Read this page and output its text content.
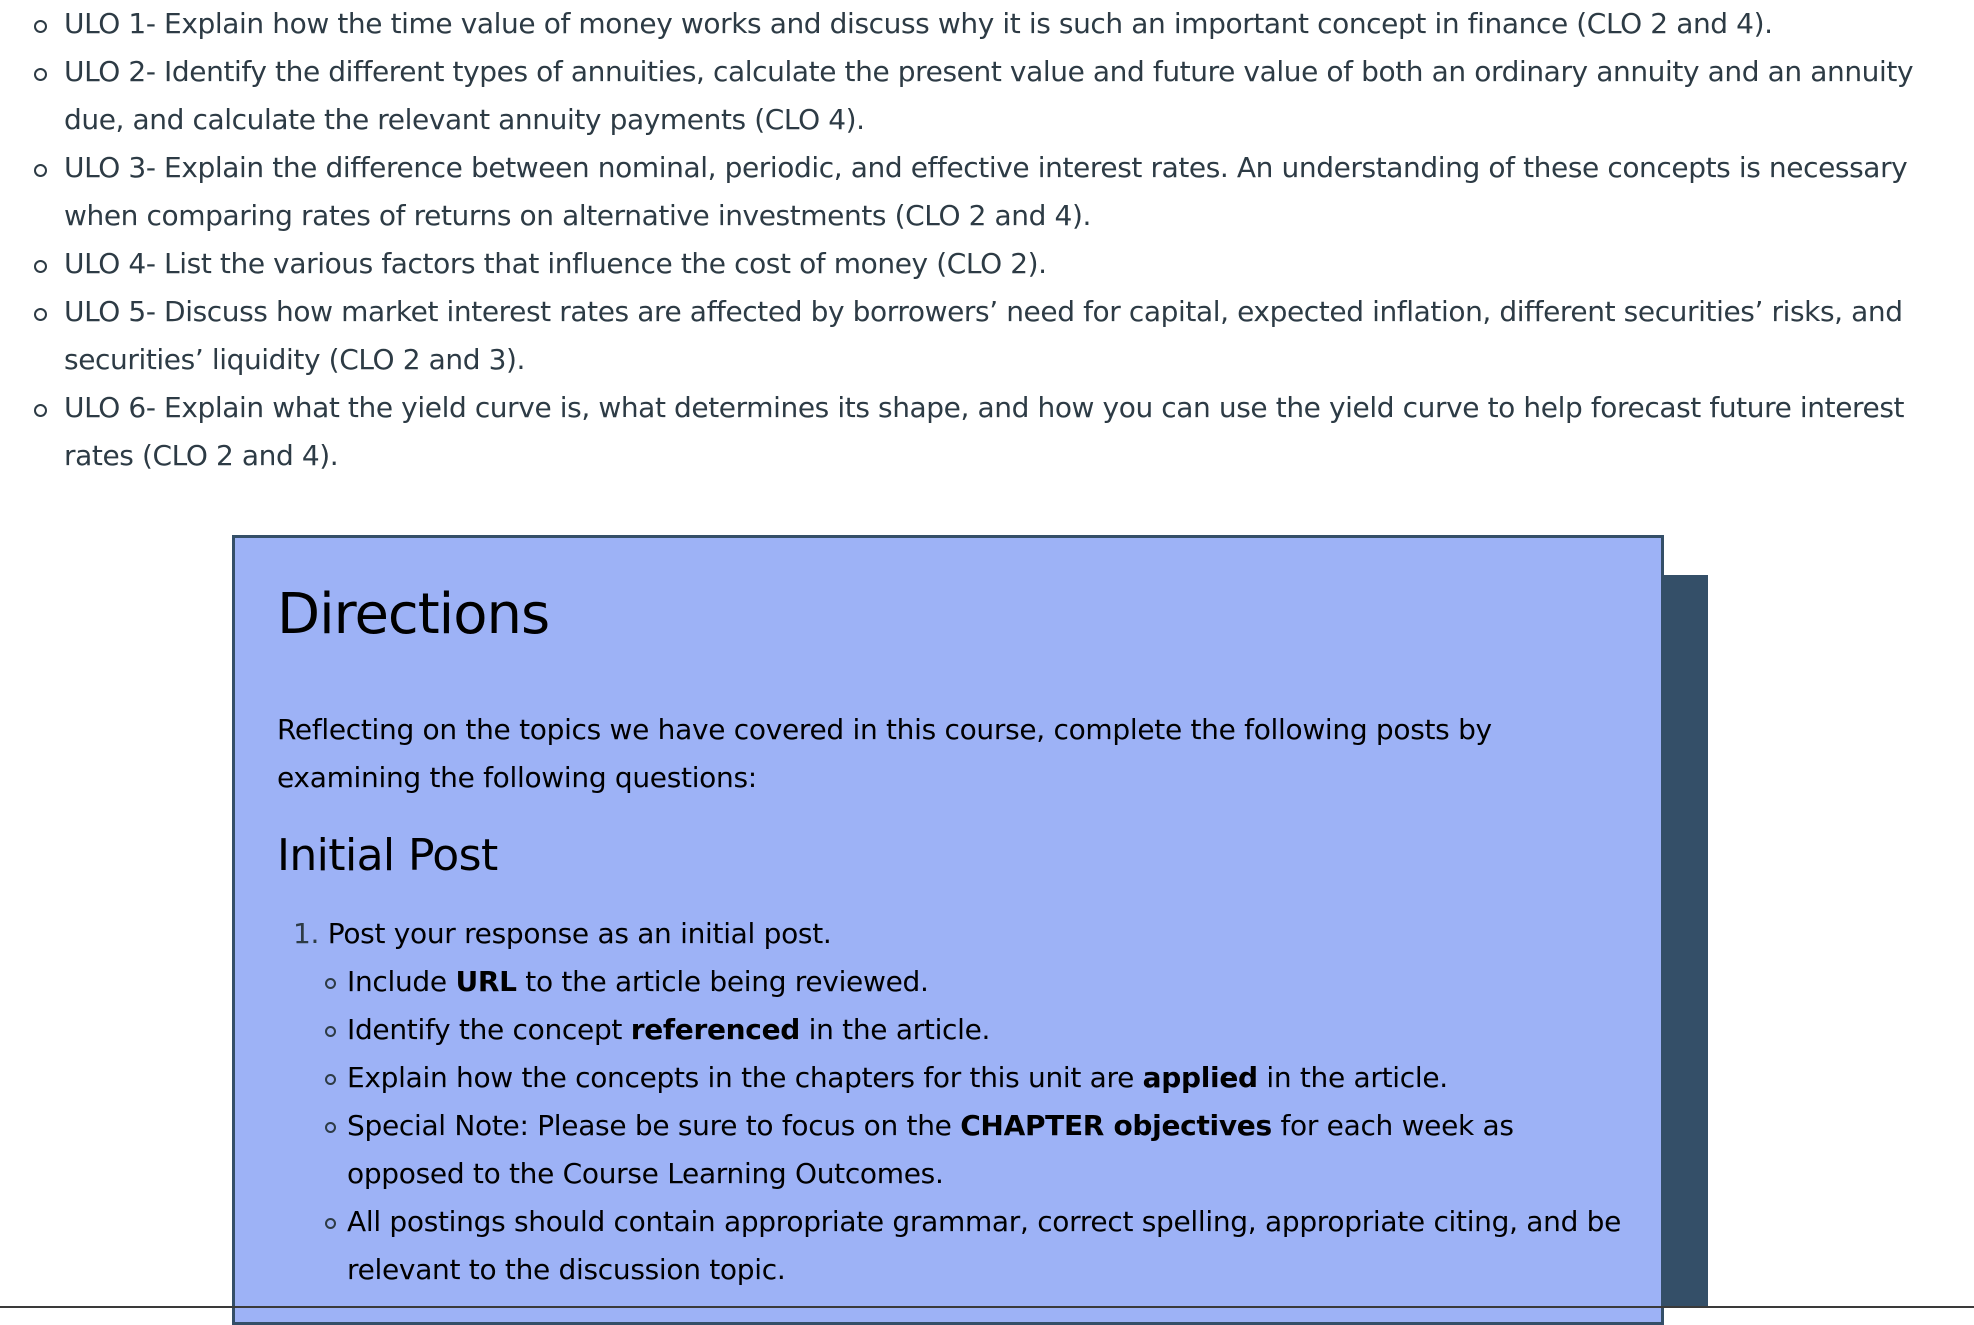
ULO 1- Explain how the time value of money works and discuss why it is such an important concept in finance (CLO 2 and 4).
ULO 2- Identify the different types of annuities, calculate the present value and future value of both an ordinary annuity and an annuity due, and calculate the relevant annuity payments (CLO 4).
ULO 3- Explain the difference between nominal, periodic, and effective interest rates. An understanding of these concepts is necessary when comparing rates of returns on alternative investments (CLO 2 and 4).
ULO 4- List the various factors that influence the cost of money (CLO 2).
ULO 5- Discuss how market interest rates are affected by borrowers’ need for capital, expected inflation, different securities’ risks, and securities’ liquidity (CLO 2 and 3).
ULO 6- Explain what the yield curve is, what determines its shape, and how you can use the yield curve to help forecast future interest rates (CLO 2 and 4).
Directions

Reflecting on the topics we have covered in this course, complete the following posts by examining the following questions:

Initial Post
1. Post your response as an initial post.
Include URL to the article being reviewed.
Identify the concept referenced in the article.
Explain how the concepts in the chapters for this unit are applied in the article.
Special Note: Please be sure to focus on the CHAPTER objectives for each week as opposed to the Course Learning Outcomes.
All postings should contain appropriate grammar, correct spelling, appropriate citing, and be relevant to the discussion topic.
